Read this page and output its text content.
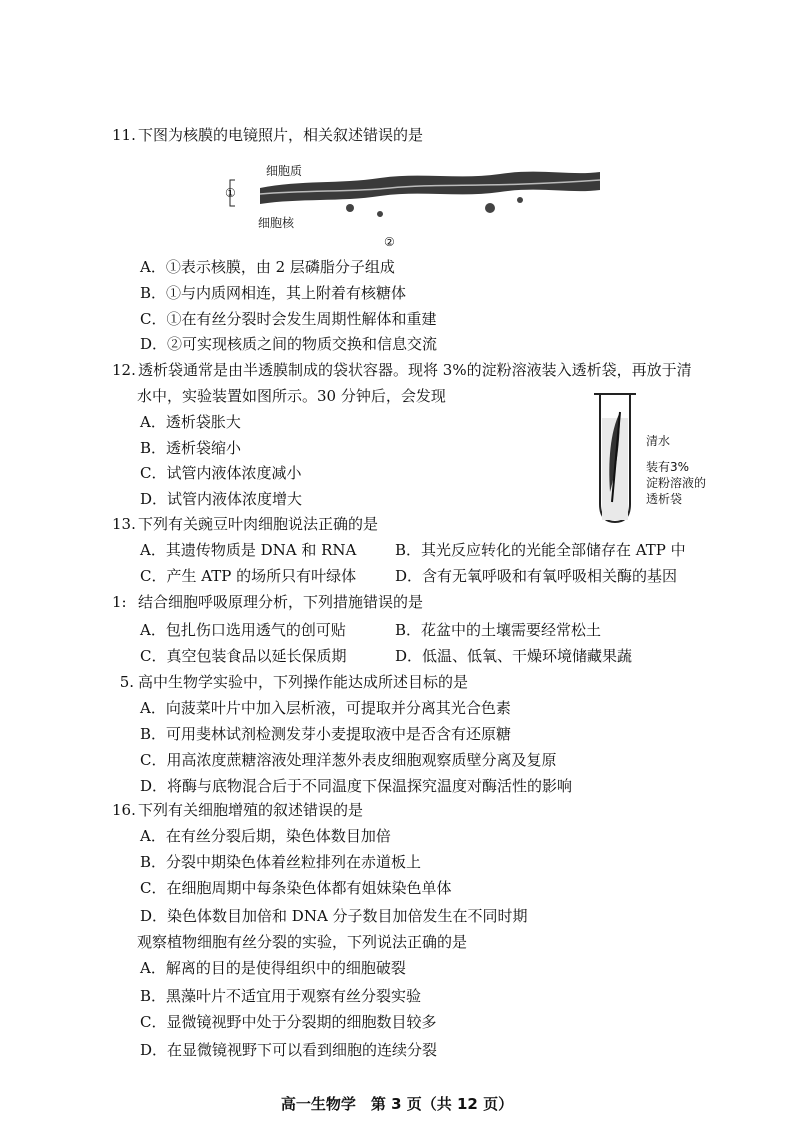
11. 下图为核膜的电镜照片，相关叙述错误的是
细胞质
①
细胞核
②
A．①表示核膜，由 2 层磷脂分子组成
B．①与内质网相连，其上附着有核糖体
C．①在有丝分裂时会发生周期性解体和重建
D．②可实现核质之间的物质交换和信息交流
12. 透析袋通常是由半透膜制成的袋状容器。现将 3%的淀粉溶液装入透析袋，再放于清
水中，实验装置如图所示。30 分钟后，会发现
A．透析袋胀大
B．透析袋缩小
C．试管内液体浓度减小
D．试管内液体浓度增大
清水
装有3%
淀粉溶液的
透析袋
13. 下列有关豌豆叶肉细胞说法正确的是
A．其遗传物质是 DNA 和 RNA	B．其光反应转化的光能全部储存在 ATP 中
C．产生 ATP 的场所只有叶绿体	D．含有无氧呼吸和有氧呼吸相关酶的基因
1: 结合细胞呼吸原理分析，下列措施错误的是
A．包扎伤口选用透气的创可贴	B．花盆中的土壤需要经常松土
C．真空包装食品以延长保质期	D．低温、低氧、干燥环境储藏果蔬
5. 高中生物学实验中，下列操作能达成所述目标的是
A．向菠菜叶片中加入层析液，可提取并分离其光合色素
B．可用斐林试剂检测发芽小麦提取液中是否含有还原糖
C．用高浓度蔗糖溶液处理洋葱外表皮细胞观察质壁分离及复原
D．将酶与底物混合后于不同温度下保温探究温度对酶活性的影响
16. 下列有关细胞增殖的叙述错误的是
A．在有丝分裂后期，染色体数目加倍
B．分裂中期染色体着丝粒排列在赤道板上
C．在细胞周期中每条染色体都有姐妹染色单体
D．染色体数目加倍和 DNA 分子数目加倍发生在不同时期
观察植物细胞有丝分裂的实验，下列说法正确的是
A．解离的目的是使得组织中的细胞破裂
B．黑藻叶片不适宜用于观察有丝分裂实验
C．显微镜视野中处于分裂期的细胞数目较多
D．在显微镜视野下可以看到细胞的连续分裂
高一生物学　第 3 页（共 12 页）
